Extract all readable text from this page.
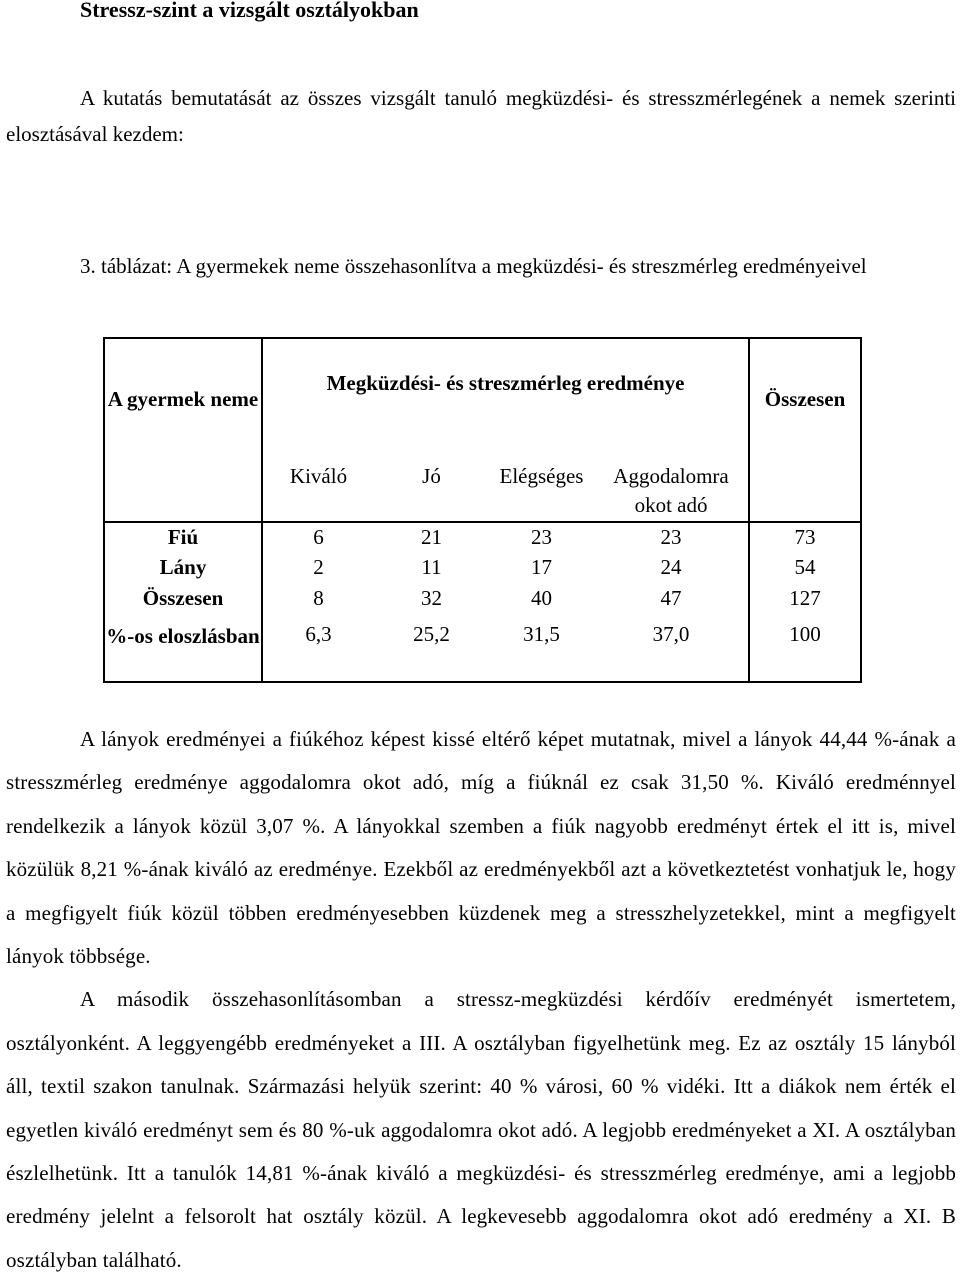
Stressz-szint a vizsgált osztályokban

A kutatás bemutatását az összes vizsgált tanuló megküzdési- és stresszmérlegének a nemek szerinti elosztásával kezdem:

3. táblázat: A gyermekek neme összehasonlítva a megküzdési- és streszmérleg eredményeivel

A gyermek neme	Megküzdési- és streszmérleg eredménye				Összesen
	Kiváló	Jó	Elégséges	Aggodalomra okot adó	
Fiú	6	21	23	23	73
Lány	2	11	17	24	54
Összesen	8	32	40	47	127
%-os eloszlásban	6,3	25,2	31,5	37,0	100

A lányok eredményei a fiúkéhoz képest kissé eltérő képet mutatnak, mivel a lányok 44,44 %-ának a stresszmérleg eredménye aggodalomra okot adó, míg a fiúknál ez csak 31,50 %. Kiváló eredménnyel rendelkezik a lányok közül 3,07 %. A lányokkal szemben a fiúk nagyobb eredményt értek el itt is, mivel közülük 8,21 %-ának kiváló az eredménye. Ezekből az eredményekből azt a következtetést vonhatjuk le, hogy a megfigyelt fiúk közül többen eredményesebben küzdenek meg a stresszhelyzetekkel, mint a megfigyelt lányok többsége.

A második összehasonlításomban a stressz-megküzdési kérdőív eredményét ismertetem, osztályonként. A leggyengébb eredményeket a III. A osztályban figyelhetünk meg. Ez az osztály 15 lányból áll, textil szakon tanulnak. Származási helyük szerint: 40 % városi, 60 % vidéki. Itt a diákok nem érték el egyetlen kiváló eredményt sem és 80 %-uk aggodalomra okot adó. A legjobb eredményeket a XI. A osztályban észlelhetünk. Itt a tanulók 14,81 %-ának kiváló a megküzdési- és stresszmérleg eredménye, ami a legjobb eredmény jelelnt a felsorolt hat osztály közül. A legkevesebb aggodalomra okot adó eredmény a XI. B osztályban található.
